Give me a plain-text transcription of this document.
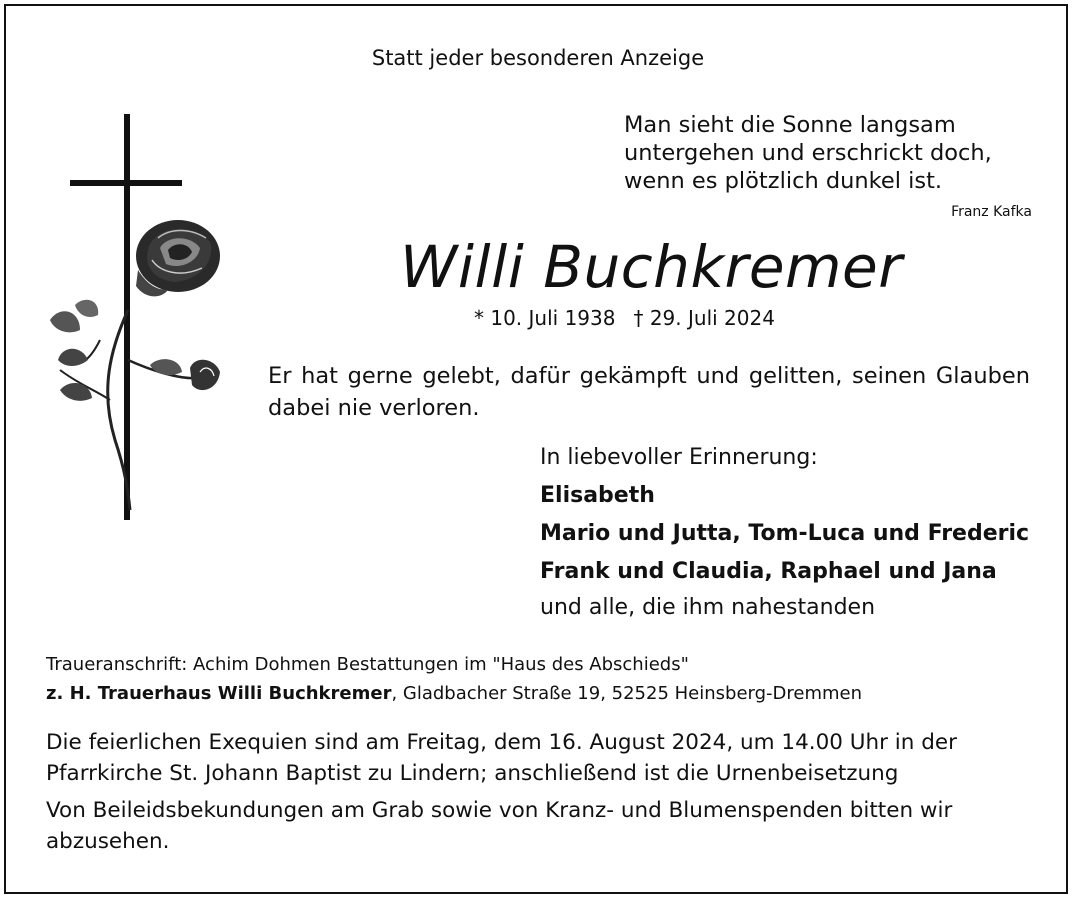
Statt jeder besonderen Anzeige
Man sieht die Sonne langsam
untergehen und erschrickt doch,
wenn es plötzlich dunkel ist.
Franz Kafka
Willi Buchkremer
* 10. Juli 1938 † 29. Juli 2024
Er hat gerne gelebt, dafür gekämpft und gelitten, seinen Glauben dabei nie verloren.
In liebevoller Erinnerung:
Elisabeth
Mario und Jutta, Tom-Luca und Frederic
Frank und Claudia, Raphael und Jana
und alle, die ihm nahestanden
Traueranschrift: Achim Dohmen Bestattungen im "Haus des Abschieds"
z. H. Trauerhaus Willi Buchkremer, Gladbacher Straße 19, 52525 Heinsberg-Dremmen
Die feierlichen Exequien sind am Freitag, dem 16. August 2024, um 14.00 Uhr in der Pfarrkirche St. Johann Baptist zu Lindern; anschließend ist die Urnenbeisetzung
Von Beileidsbekundungen am Grab sowie von Kranz- und Blumenspenden bitten wir abzusehen.
